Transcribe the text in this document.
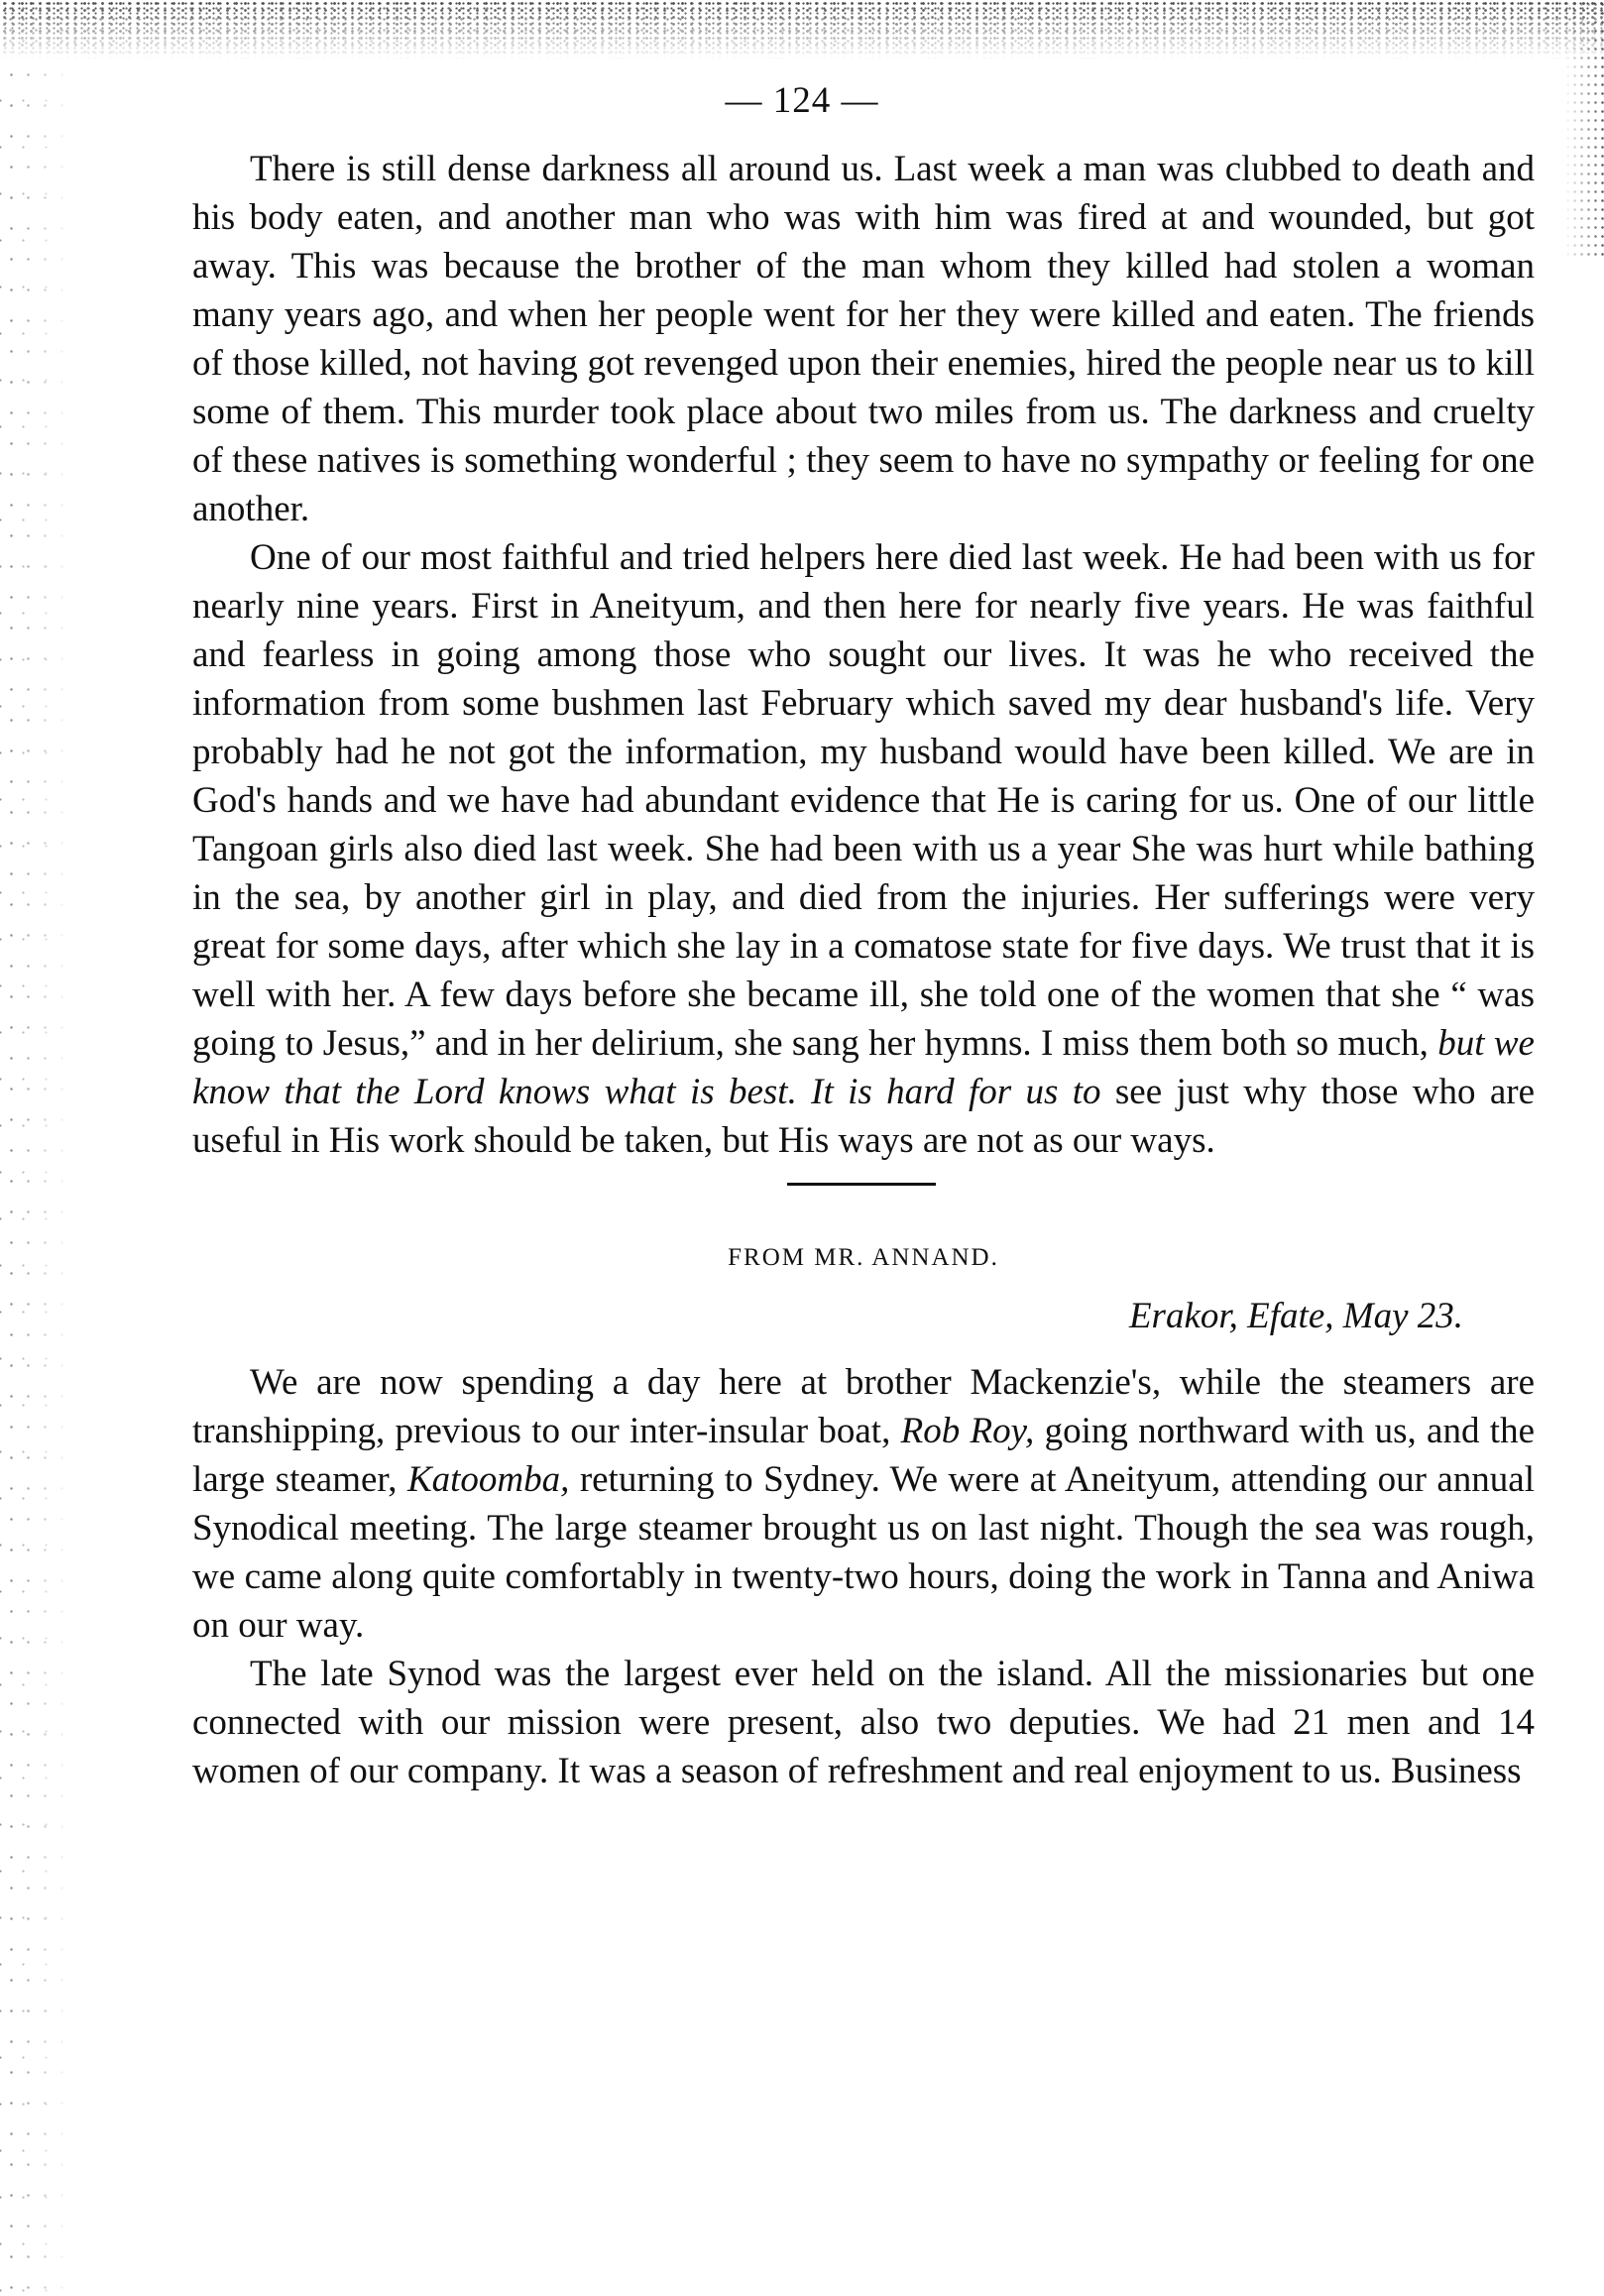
— 124 —

There is still dense darkness all around us. Last week a man was clubbed to death and his body eaten, and another man who was with him was fired at and wounded, but got away. This was because the brother of the man whom they killed had stolen a woman many years ago, and when her people went for her they were killed and eaten. The friends of those killed, not having got revenged upon their enemies, hired the people near us to kill some of them. This murder took place about two miles from us. The darkness and cruelty of these natives is something wonderful ; they seem to have no sympathy or feeling for one another.

One of our most faithful and tried helpers here died last week. He had been with us for nearly nine years. First in Aneityum, and then here for nearly five years. He was faithful and fearless in going among those who sought our lives. It was he who received the information from some bushmen last February which saved my dear husband's life. Very probably had he not got the information, my husband would have been killed. We are in God's hands and we have had abundant evidence that He is caring for us. One of our little Tangoan girls also died last week. She had been with us a year She was hurt while bathing in the sea, by another girl in play, and died from the injuries. Her sufferings were very great for some days, after which she lay in a comatose state for five days. We trust that it is well with her. A few days before she became ill, she told one of the women that she “ was going to Jesus,” and in her delirium, she sang her hymns. I miss them both so much, but we know that the Lord knows what is best. It is hard for us to see just why those who are useful in His work should be taken, but His ways are not as our ways.

FROM MR. ANNAND.
Erakor, Efate, May 23.

We are now spending a day here at brother Mackenzie's, while the steamers are transhipping, previous to our inter-insular boat, Rob Roy, going northward with us, and the large steamer, Katoomba, returning to Sydney. We were at Aneityum, attending our annual Synodical meeting. The large steamer brought us on last night. Though the sea was rough, we came along quite comfortably in twenty-two hours, doing the work in Tanna and Aniwa on our way.

The late Synod was the largest ever held on the island. All the missionaries but one connected with our mission were present, also two deputies. We had 21 men and 14 women of our company. It was a season of refreshment and real enjoyment to us. Business
